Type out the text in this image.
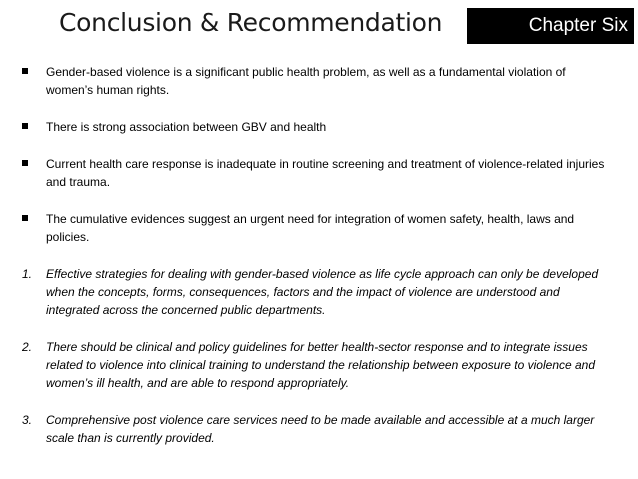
Conclusion & Recommendation	Chapter Six
Gender-based violence is a significant public health problem, as well as a fundamental violation of women’s human rights.
There is strong association between GBV and health
Current health care response is inadequate in routine screening and treatment of violence-related injuries and trauma.
The cumulative evidences suggest an urgent need for integration of women safety, health, laws and policies.
1. Effective strategies for dealing with gender-based violence as life cycle approach can only be developed when the concepts, forms, consequences, factors and the impact of violence are understood and integrated across the concerned public departments.
2. There should be clinical and policy guidelines for better health-sector response and to integrate issues related to violence into clinical training to understand the relationship between exposure to violence and women’s ill health, and are able to respond appropriately.
3. Comprehensive post violence care services need to be made available and accessible at a much larger scale than is currently provided.
